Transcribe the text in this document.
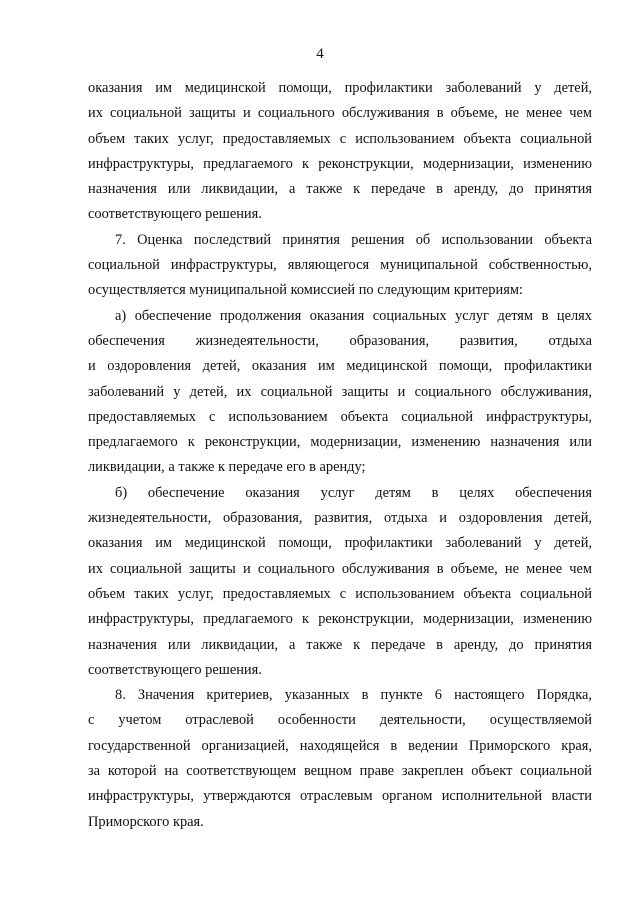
4
оказания им медицинской помощи, профилактики заболеваний у детей,
их социальной защиты и социального обслуживания в объеме, не менее чем
объем таких услуг, предоставляемых с использованием объекта социальной
инфраструктуры, предлагаемого к реконструкции, модернизации, изменению
назначения или ликвидации, а также к передаче в аренду, до принятия
соответствующего решения.
7. Оценка последствий принятия решения об использовании объекта
социальной инфраструктуры, являющегося муниципальной собственностью,
осуществляется муниципальной комиссией по следующим критериям:
а) обеспечение продолжения оказания социальных услуг детям в целях
обеспечения жизнедеятельности, образования, развития, отдыха
и оздоровления детей, оказания им медицинской помощи, профилактики
заболеваний у детей, их социальной защиты и социального обслуживания,
предоставляемых с использованием объекта социальной инфраструктуры,
предлагаемого к реконструкции, модернизации, изменению назначения или
ликвидации, а также к передаче его в аренду;
б) обеспечение оказания услуг детям в целях обеспечения
жизнедеятельности, образования, развития, отдыха и оздоровления детей,
оказания им медицинской помощи, профилактики заболеваний у детей,
их социальной защиты и социального обслуживания в объеме, не менее чем
объем таких услуг, предоставляемых с использованием объекта социальной
инфраструктуры, предлагаемого к реконструкции, модернизации, изменению
назначения или ликвидации, а также к передаче в аренду, до принятия
соответствующего решения.
8. Значения критериев, указанных в пункте 6 настоящего Порядка,
с учетом отраслевой особенности деятельности, осуществляемой
государственной организацией, находящейся в ведении Приморского края,
за которой на соответствующем вещном праве закреплен объект социальной
инфраструктуры, утверждаются отраслевым органом исполнительной власти
Приморского края.
